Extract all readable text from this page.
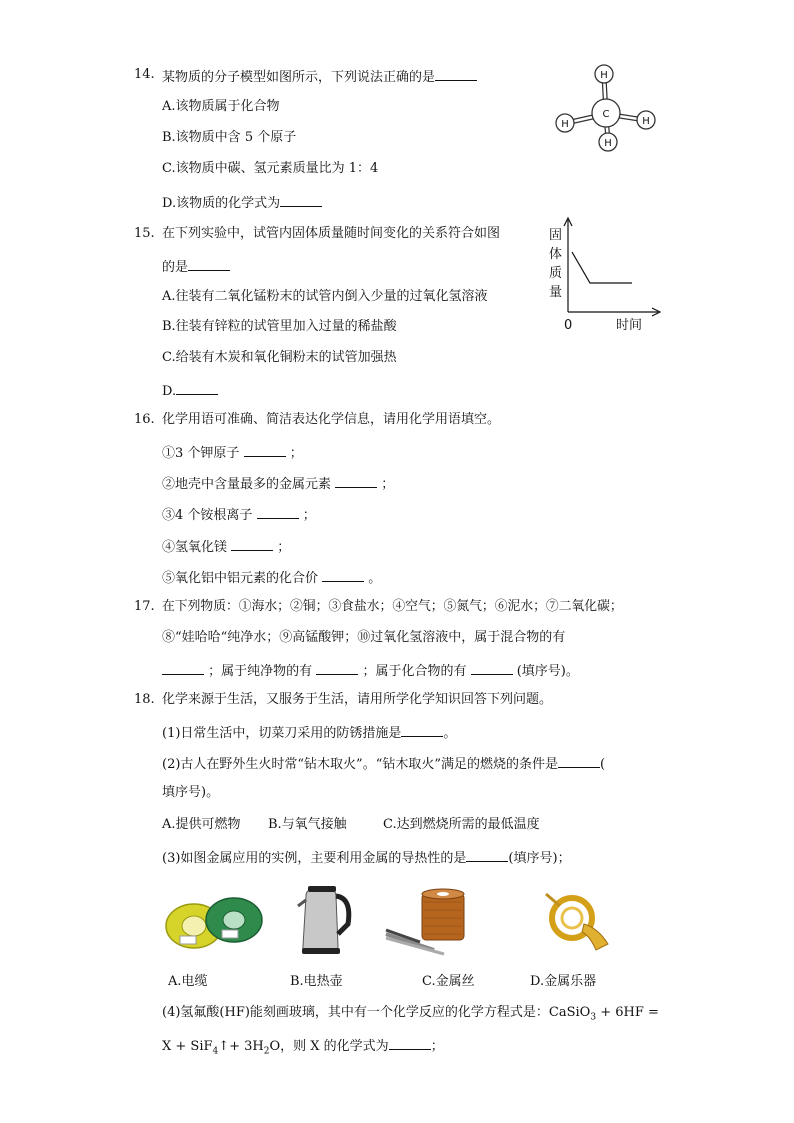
14. 某物质的分子模型如图所示，下列说法正确的是
A.该物质属于化合物
B.该物质中含 5 个原子
C.该物质中碳、氢元素质量比为 1：4
D.该物质的化学式为
H
H	H
H
C
15. 在下列实验中，试管内固体质量随时间变化的关系符合如图
的是
A.往装有二氧化锰粉末的试管内倒入少量的过氧化氢溶液
B.往装有锌粒的试管里加入过量的稀盐酸
C.给装有木炭和氧化铜粉末的试管加强热
D.
固
体
质
量
0	时间
16. 化学用语可准确、简洁表达化学信息，请用化学用语填空。
①3 个钾原子	；
②地壳中含量最多的金属元素	；
③4 个铵根离子	；
④氢氧化镁	；
⑤氧化铝中铝元素的化合价	。
17. 在下列物质：①海水；②铜；③食盐水；④空气；⑤氮气；⑥泥水；⑦二氧化碳；
⑧“娃哈哈“纯净水；⑨高锰酸钾；⑩过氧化氢溶液中，属于混合物的有
；属于纯净物的有	；属于化合物的有	(填序号)。
18. 化学来源于生活，又服务于生活，请用所学化学知识回答下列问题。
(1)日常生活中，切菜刀采用的防锈措施是	。
(2)古人在野外生火时常“钻木取火”。“钻木取火”满足的燃烧的条件是	(
填序号)。
A.提供可燃物 B.与氧气接触	C.达到燃烧所需的最低温度
(3)如图金属应用的实例，主要利用金属的导热性的是	(填序号)；
A.电缆	B.电热壶	C.金属丝	D.金属乐器
(4)氢氟酸(HF)能刻画玻璃，其中有一个化学反应的化学方程式是：CaSiO$_3$ + 6HF =
X + SiF$_4$↑+ $3H_2O$，则 X 的化学式为	；
